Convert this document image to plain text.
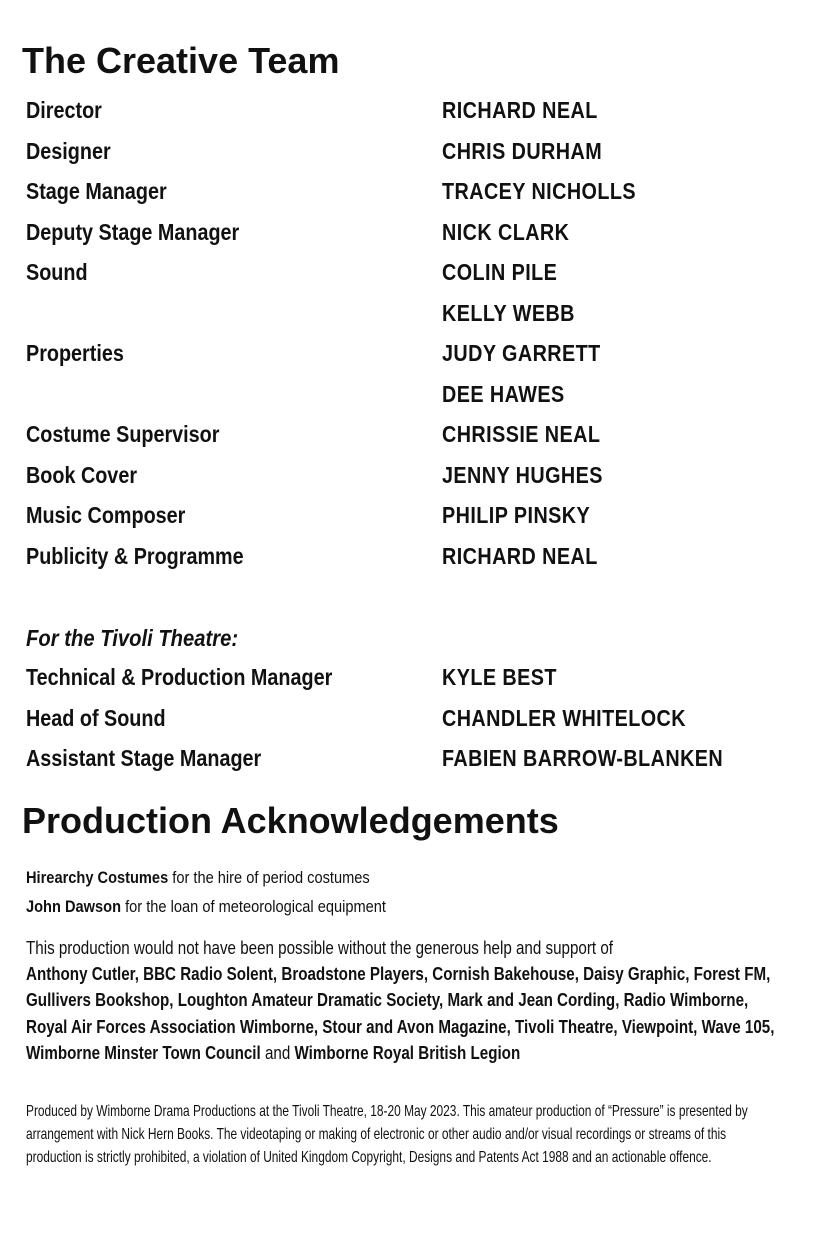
The Creative Team
Director	RICHARD NEAL
Designer	CHRIS DURHAM
Stage Manager	TRACEY NICHOLLS
Deputy Stage Manager	NICK CLARK
Sound	COLIN PILE
KELLY WEBB
Properties	JUDY GARRETT
DEE HAWES
Costume Supervisor	CHRISSIE NEAL
Book Cover	JENNY HUGHES
Music Composer	PHILIP PINSKY
Publicity & Programme	RICHARD NEAL
For the Tivoli Theatre:
Technical & Production Manager	KYLE BEST
Head of Sound	CHANDLER WHITELOCK
Assistant Stage Manager	FABIEN BARROW-BLANKEN
Production Acknowledgements
Hirearchy Costumes for the hire of period costumes
John Dawson for the loan of meteorological equipment
This production would not have been possible without the generous help and support of
Anthony Cutler, BBC Radio Solent, Broadstone Players, Cornish Bakehouse, Daisy Graphic, Forest FM, Gullivers Bookshop, Loughton Amateur Dramatic Society, Mark and Jean Cording, Radio Wimborne, Royal Air Forces Association Wimborne, Stour and Avon Magazine, Tivoli Theatre, Viewpoint, Wave 105, Wimborne Minster Town Council and Wimborne Royal British Legion
Produced by Wimborne Drama Productions at the Tivoli Theatre, 18-20 May 2023. This amateur production of “Pressure” is presented by arrangement with Nick Hern Books. The videotaping or making of electronic or other audio and/or visual recordings or streams of this production is strictly prohibited, a violation of United Kingdom Copyright, Designs and Patents Act 1988 and an actionable offence.
